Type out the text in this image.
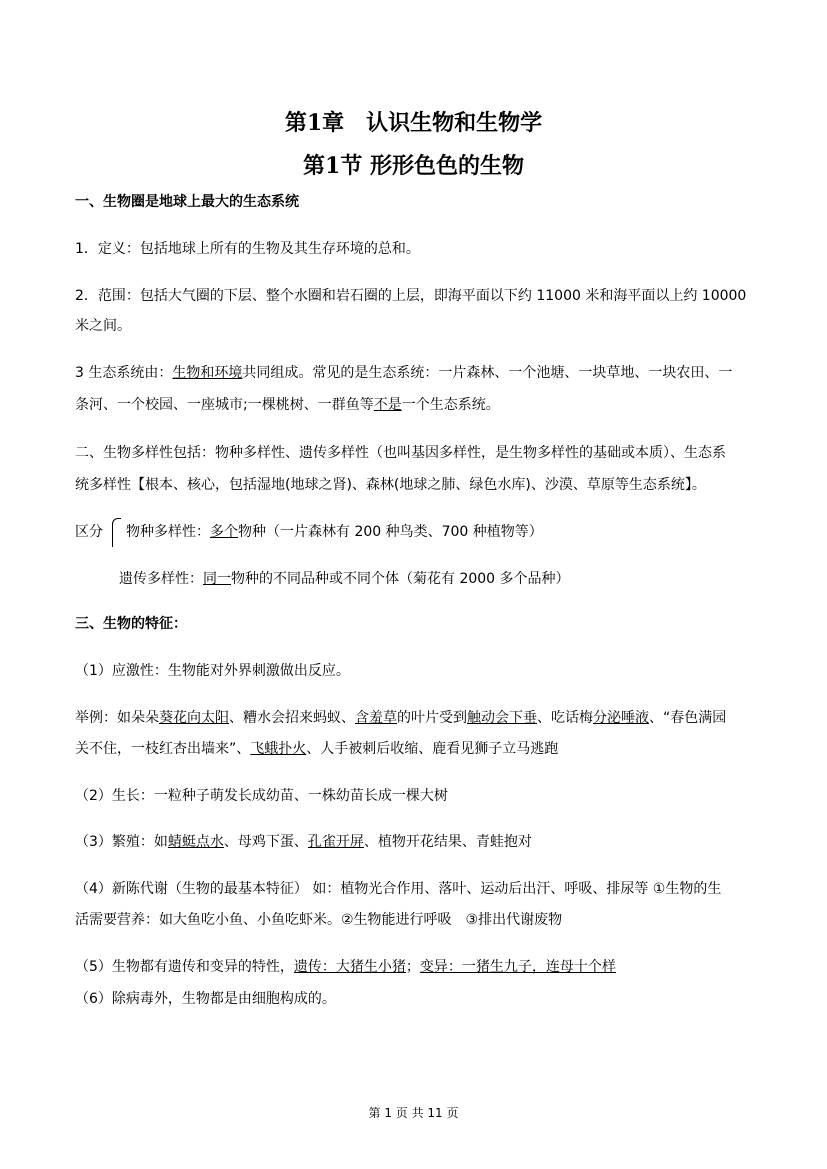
第1章　认识生物和生物学
第1节 形形色色的生物
一、生物圈是地球上最大的生态系统
1．定义：包括地球上所有的生物及其生存环境的总和。
2．范围：包括大气圈的下层、整个水圈和岩石圈的上层，即海平面以下约 11000 米和海平面以上约 10000
米之间。
3 生态系统由：生物和环境共同组成。常见的是生态系统：一片森林、一个池塘、一块草地、一块农田、一
条河、一个校园、一座城市;一棵桃树、一群鱼等不是一个生态系统。
二、生物多样性包括：物种多样性、遗传多样性（也叫基因多样性，是生物多样性的基础或本质）、生态系
统多样性【根本、核心，包括湿地(地球之肾)、森林(地球之肺、绿色水库)、沙漠、草原等生态系统】。
区分	物种多样性：多个物种（一片森林有 200 种鸟类、700 种植物等）
遗传多样性：同一物种的不同品种或不同个体（菊花有 2000 多个品种）
三、生物的特征：
（1）应激性：生物能对外界刺激做出反应。
举例：如朵朵葵花向太阳、糟水会招来蚂蚁、含羞草的叶片受到触动会下垂、吃话梅分泌唾液、“春色满园
关不住，一枝红杏出墙来”、飞蛾扑火、人手被刺后收缩、鹿看见狮子立马逃跑
（2）生长：一粒种子萌发长成幼苗、一株幼苗长成一棵大树
（3）繁殖：如蜻蜓点水、母鸡下蛋、孔雀开屏、植物开花结果、青蛙抱对
（4）新陈代谢（生物的最基本特征） 如：植物光合作用、落叶、运动后出汗、呼吸、排尿等 ①生物的生
活需要营养：如大鱼吃小鱼、小鱼吃虾米。②生物能进行呼吸　③排出代谢废物
（5）生物都有遗传和变异的特性，遗传：大猪生小猪；变异：一猪生九子，连母十个样
（6）除病毒外，生物都是由细胞构成的。
第 1 页 共 11 页
